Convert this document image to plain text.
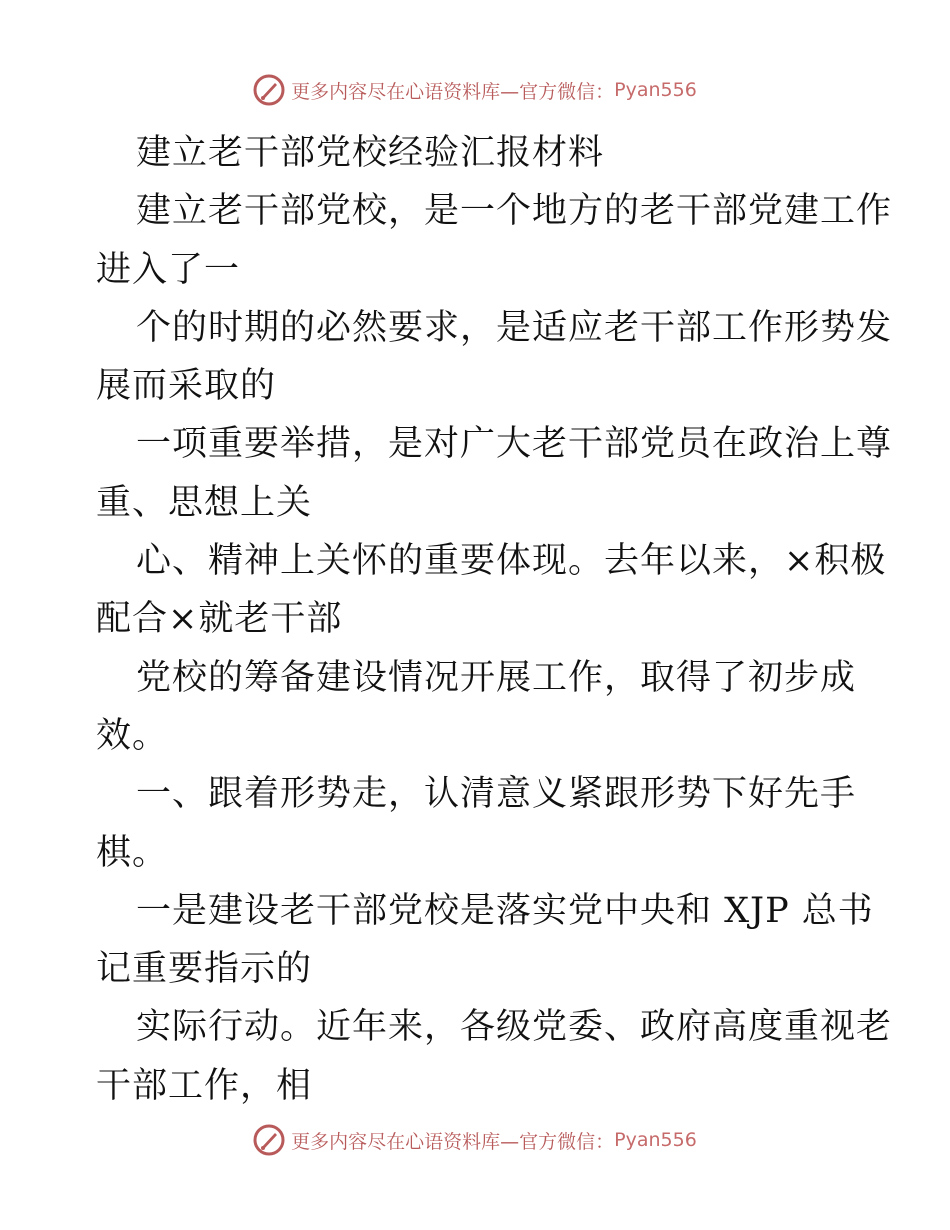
更多内容尽在心语资料库—官方微信： Pyan556
建立老干部党校经验汇报材料
建立老干部党校，是一个地方的老干部党建工作
进入了一
个的时期的必然要求，是适应老干部工作形势发
展而采取的
一项重要举措，是对广大老干部党员在政治上尊
重、思想上关
心、精神上关怀的重要体现。去年以来，×积极
配合×就老干部
党校的筹备建设情况开展工作，取得了初步成
效。
一、跟着形势走，认清意义紧跟形势下好先手
棋。
一是建设老干部党校是落实党中央和 XJP 总书
记重要指示的
实际行动。近年来，各级党委、政府高度重视老
干部工作，相
更多内容尽在心语资料库—官方微信： Pyan556
